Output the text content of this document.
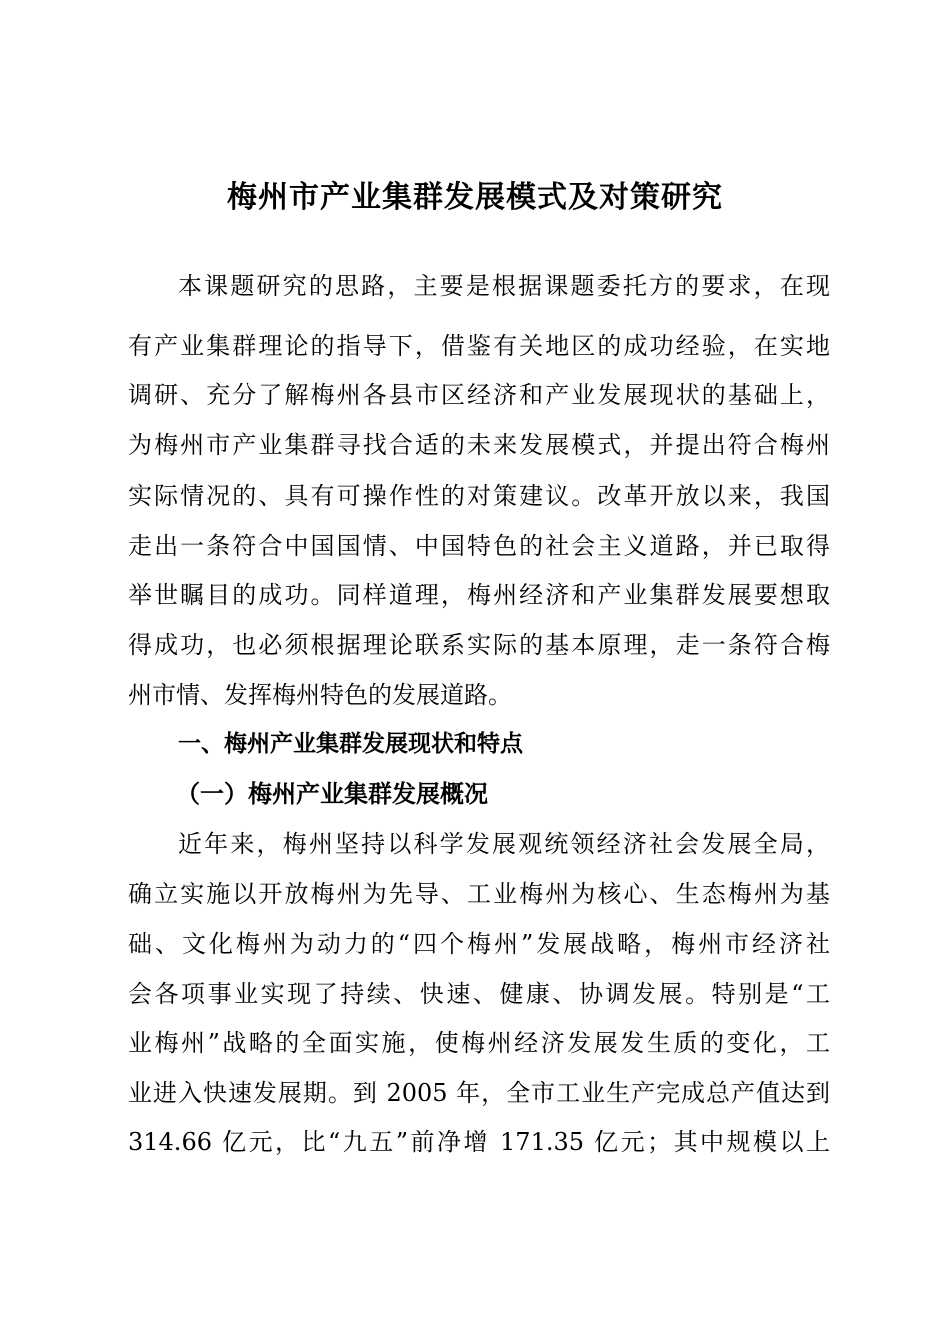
梅州市产业集群发展模式及对策研究

本课题研究的思路，主要是根据课题委托方的要求，在现

有产业集群理论的指导下，借鉴有关地区的成功经验，在实地

调研、充分了解梅州各县市区经济和产业发展现状的基础上，

为梅州市产业集群寻找合适的未来发展模式，并提出符合梅州

实际情况的、具有可操作性的对策建议。改革开放以来，我国

走出一条符合中国国情、中国特色的社会主义道路，并已取得

举世瞩目的成功。同样道理，梅州经济和产业集群发展要想取

得成功，也必须根据理论联系实际的基本原理，走一条符合梅

州市情、发挥梅州特色的发展道路。

一、梅州产业集群发展现状和特点
（一）梅州产业集群发展概况

近年来，梅州坚持以科学发展观统领经济社会发展全局，

确立实施以开放梅州为先导、工业梅州为核心、生态梅州为基

础、文化梅州为动力的“四个梅州”发展战略，梅州市经济社

会各项事业实现了持续、快速、健康、协调发展。特别是“工

业梅州”战略的全面实施，使梅州经济发展发生质的变化，工

业进入快速发展期。到 2005 年，全市工业生产完成总产值达到

314.66 亿元，比“九五”前净增 171.35 亿元；其中规模以上
